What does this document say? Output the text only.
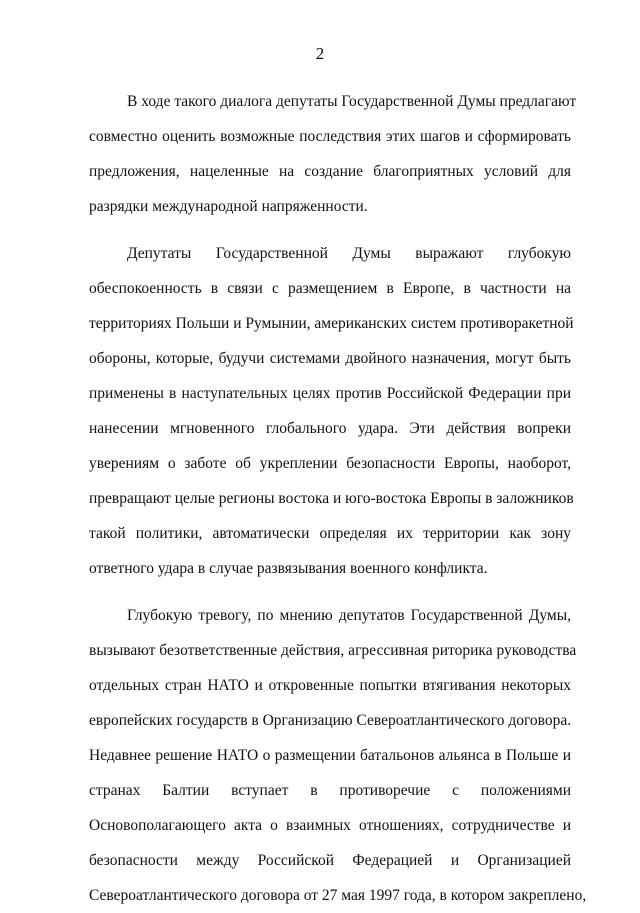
2
В ходе такого диалога депутаты Государственной Думы предлагают
совместно оценить возможные последствия этих шагов и сформировать
предложения, нацеленные на создание благоприятных условий для
разрядки международной напряженности.
Депутаты Государственной Думы выражают глубокую
обеспокоенность в связи с размещением в Европе, в частности на
территориях Польши и Румынии, американских систем противоракетной
обороны, которые, будучи системами двойного назначения, могут быть
применены в наступательных целях против Российской Федерации при
нанесении мгновенного глобального удара. Эти действия вопреки
уверениям о заботе об укреплении безопасности Европы, наоборот,
превращают целые регионы востока и юго-востока Европы в заложников
такой политики, автоматически определяя их территории как зону
ответного удара в случае развязывания военного конфликта.
Глубокую тревогу, по мнению депутатов Государственной Думы,
вызывают безответственные действия, агрессивная риторика руководства
отдельных стран НАТО и откровенные попытки втягивания некоторых
европейских государств в Организацию Североатлантического договора.
Недавнее решение НАТО о размещении батальонов альянса в Польше и
странах Балтии вступает в противоречие с положениями
Основополагающего акта о взаимных отношениях, сотрудничестве и
безопасности между Российской Федерацией и Организацией
Североатлантического договора от 27 мая 1997 года, в котором закреплено,
